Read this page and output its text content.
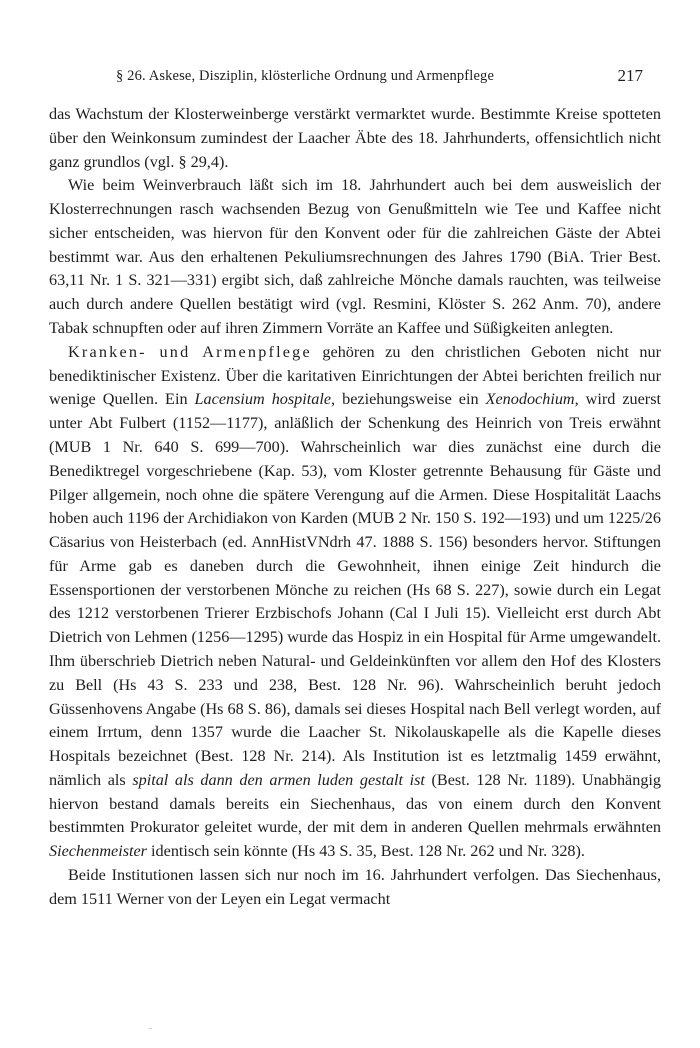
§ 26. Askese, Disziplin, klösterliche Ordnung und Armenpflege	217

das Wachstum der Klosterweinberge verstärkt vermarktet wurde. Bestimmte Kreise spotteten über den Weinkonsum zumindest der Laacher Äbte des 18. Jahrhunderts, offensichtlich nicht ganz grundlos (vgl. § 29,4).

Wie beim Weinverbrauch läßt sich im 18. Jahrhundert auch bei dem ausweislich der Klosterrechnungen rasch wachsenden Bezug von Genußmitteln wie Tee und Kaffee nicht sicher entscheiden, was hiervon für den Konvent oder für die zahlreichen Gäste der Abtei bestimmt war. Aus den erhaltenen Pekuliumsrechnungen des Jahres 1790 (BiA. Trier Best. 63,11 Nr. 1 S. 321—331) ergibt sich, daß zahlreiche Mönche damals rauchten, was teilweise auch durch andere Quellen bestätigt wird (vgl. Resmini, Klöster S. 262 Anm. 70), andere Tabak schnupften oder auf ihren Zimmern Vorräte an Kaffee und Süßigkeiten anlegten.

Kranken- und Armenpflege gehören zu den christlichen Geboten nicht nur benediktinischer Existenz. Über die karitativen Einrichtungen der Abtei berichten freilich nur wenige Quellen. Ein Lacensium hospitale, beziehungsweise ein Xenodochium, wird zuerst unter Abt Fulbert (1152—1177), anläßlich der Schenkung des Heinrich von Treis erwähnt (MUB 1 Nr. 640 S. 699—700). Wahrscheinlich war dies zunächst eine durch die Benediktregel vorgeschriebene (Kap. 53), vom Kloster getrennte Behausung für Gäste und Pilger allgemein, noch ohne die spätere Verengung auf die Armen. Diese Hospitalität Laachs hoben auch 1196 der Archidiakon von Karden (MUB 2 Nr. 150 S. 192—193) und um 1225/26 Cäsarius von Heisterbach (ed. AnnHistVNdrh 47. 1888 S. 156) besonders hervor. Stiftungen für Arme gab es daneben durch die Gewohnheit, ihnen einige Zeit hindurch die Essensportionen der verstorbenen Mönche zu reichen (Hs 68 S. 227), sowie durch ein Legat des 1212 verstorbenen Trierer Erzbischofs Johann (Cal I Juli 15). Vielleicht erst durch Abt Dietrich von Lehmen (1256—1295) wurde das Hospiz in ein Hospital für Arme umgewandelt. Ihm überschrieb Dietrich neben Natural- und Geldeinkünften vor allem den Hof des Klosters zu Bell (Hs 43 S. 233 und 238, Best. 128 Nr. 96). Wahrscheinlich beruht jedoch Güssenhovens Angabe (Hs 68 S. 86), damals sei dieses Hospital nach Bell verlegt worden, auf einem Irrtum, denn 1357 wurde die Laacher St. Nikolauskapelle als die Kapelle dieses Hospitals bezeichnet (Best. 128 Nr. 214). Als Institution ist es letztmalig 1459 erwähnt, nämlich als spital als dann den armen luden gestalt ist (Best. 128 Nr. 1189). Unabhängig hiervon bestand damals bereits ein Siechenhaus, das von einem durch den Konvent bestimmten Prokurator geleitet wurde, der mit dem in anderen Quellen mehrmals erwähnten Siechenmeister identisch sein könnte (Hs 43 S. 35, Best. 128 Nr. 262 und Nr. 328).

Beide Institutionen lassen sich nur noch im 16. Jahrhundert verfolgen. Das Siechenhaus, dem 1511 Werner von der Leyen ein Legat vermacht
